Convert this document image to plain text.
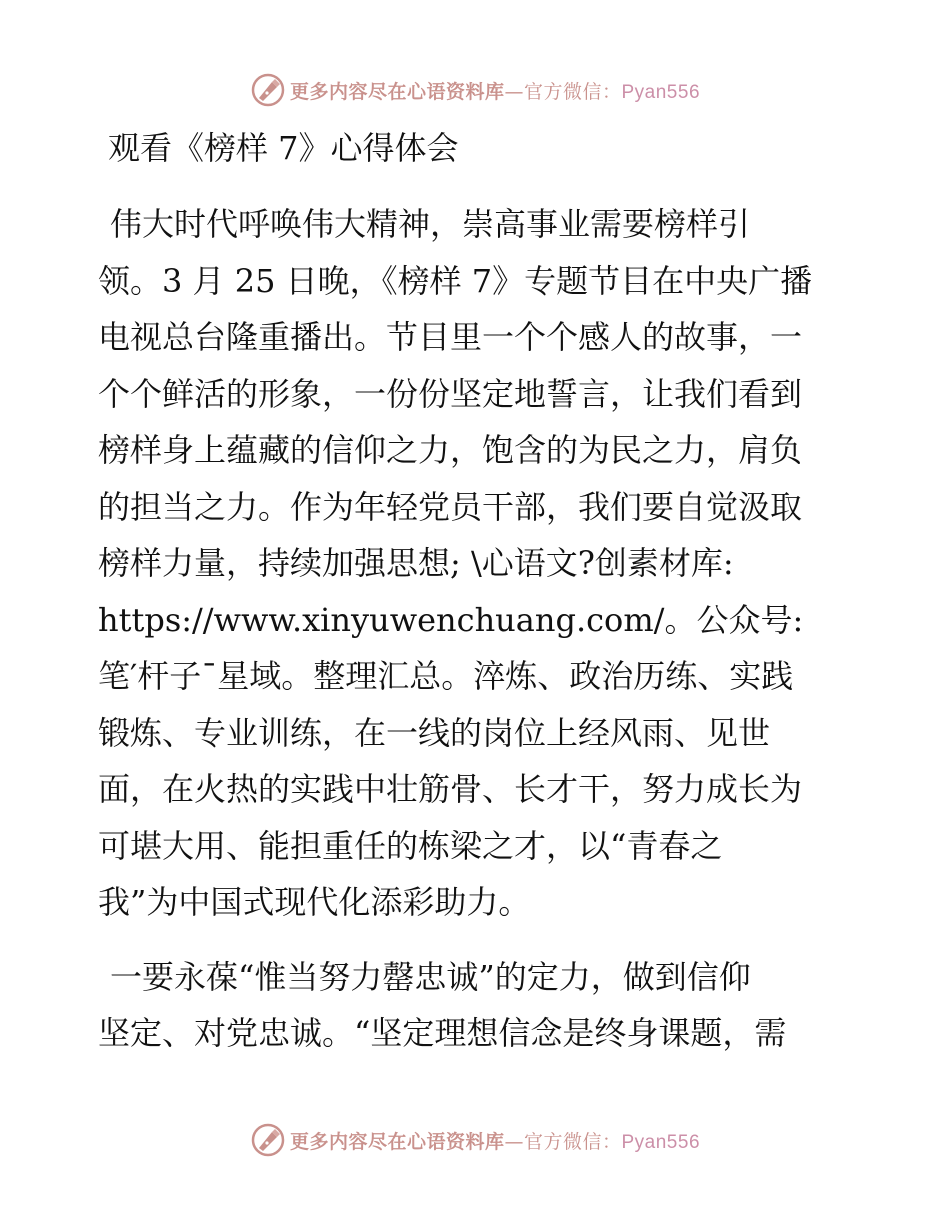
更多内容尽在心语资料库—官方微信：Pyan556
观看《榜样 7》心得体会
伟大时代呼唤伟大精神，崇高事业需要榜样引
领。3 月 25 日晚，《榜样 7》专题节目在中央广播
电视总台隆重播出。节目里一个个感人的故事，一
个个鲜活的形象，一份份坚定地誓言，让我们看到
榜样身上蕴藏的信仰之力，饱含的为民之力，肩负
的担当之力。作为年轻党员干部，我们要自觉汲取
榜样力量，持续加强思想; \心语文?创素材库:
https://www.xinyuwenchuang.com/。公众号:
笔′杆子¯星域。整理汇总。淬炼、政治历练、实践
锻炼、专业训练，在一线的岗位上经风雨、见世
面，在火热的实践中壮筋骨、长才干，努力成长为
可堪大用、能担重任的栋梁之才，以“青春之
我”为中国式现代化添彩助力。
一要永葆“惟当努力罄忠诚”的定力，做到信仰
坚定、对党忠诚。“坚定理想信念是终身课题，需
更多内容尽在心语资料库—官方微信：Pyan556
